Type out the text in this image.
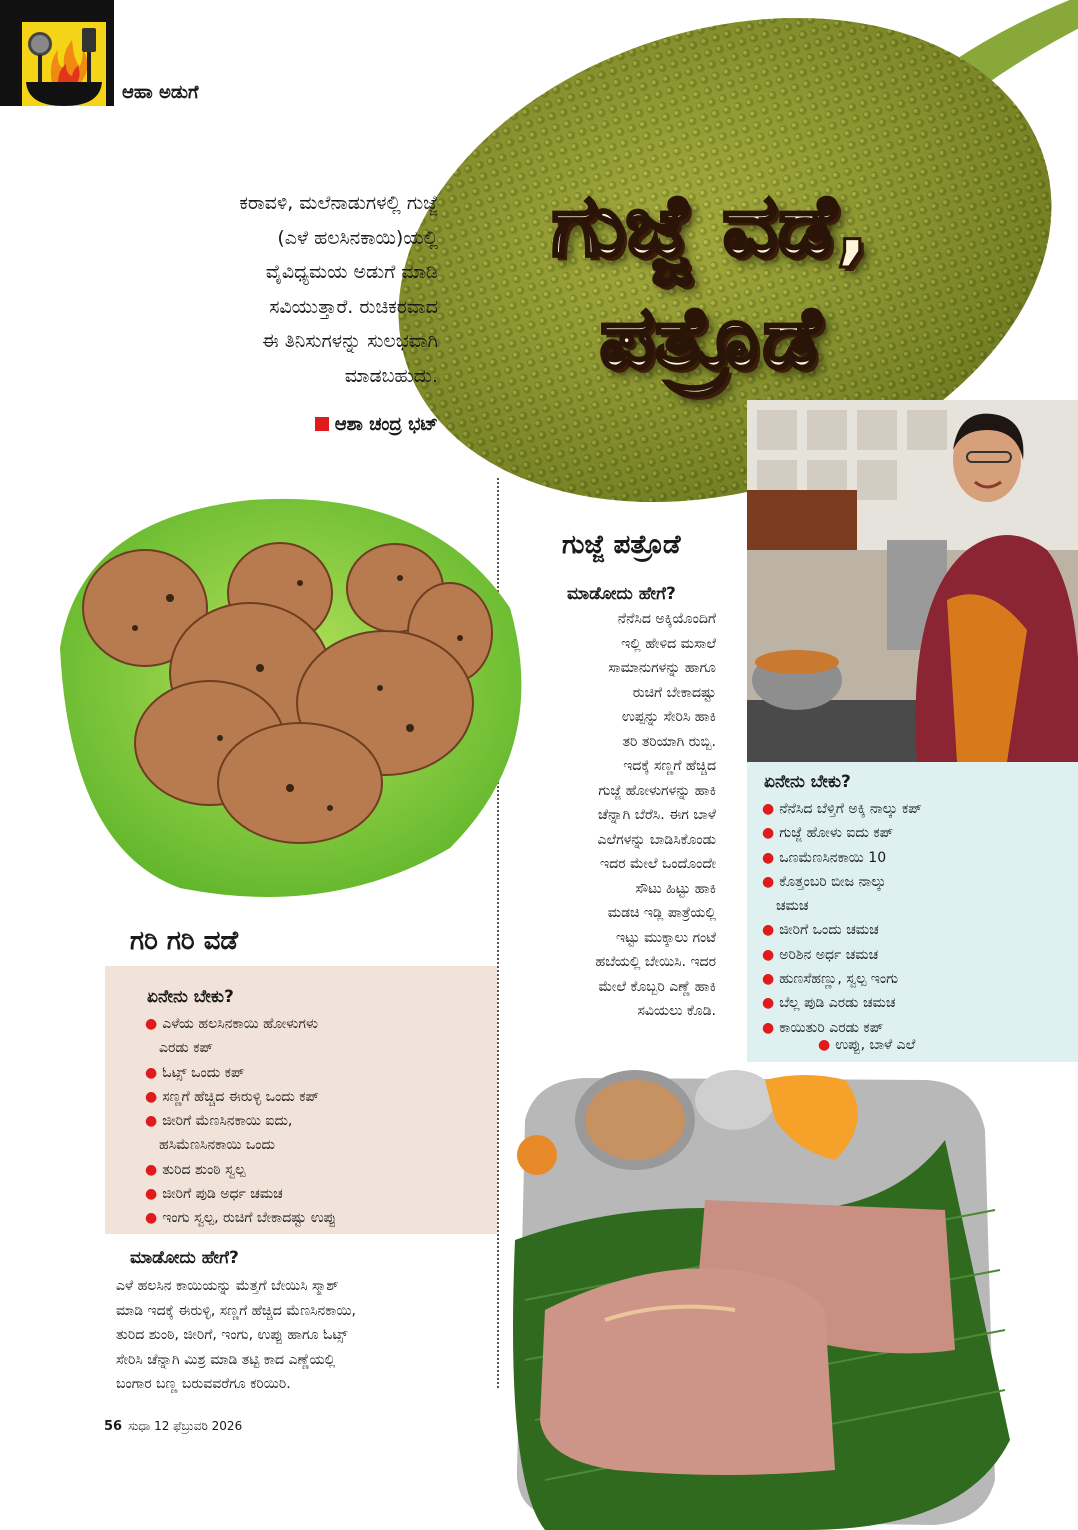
ಆಹಾ ಅಡುಗೆ
ಕರಾವಳಿ, ಮಲೆನಾಡುಗಳಲ್ಲಿ ಗುಜ್ಜೆ
(ಎಳೆ ಹಲಸಿನಕಾಯಿ)ಯಲ್ಲಿ
ವೈವಿಧ್ಯಮಯ ಅಡುಗೆ ಮಾಡಿ
ಸವಿಯುತ್ತಾರೆ. ರುಚಿಕರವಾದ
ಈ ತಿನಿಸುಗಳನ್ನು ಸುಲಭವಾಗಿ
ಮಾಡಬಹುದು.
ಆಶಾ ಚಂದ್ರ ಭಟ್
ಗುಜ್ಜೆ ವಡೆ,
ಪತ್ರೊಡೆ
ಗುಜ್ಜೆ ಪತ್ರೊಡೆ
ಮಾಡೋದು ಹೇಗೆ?
ನೆನೆಸಿದ ಅಕ್ಕಿಯೊಂದಿಗೆ
ಇಲ್ಲಿ ಹೇಳಿದ ಮಸಾಲೆ
ಸಾಮಾನುಗಳನ್ನು ಹಾಗೂ
ರುಚಿಗೆ ಬೇಕಾದಷ್ಟು
ಉಪ್ಪನ್ನು ಸೇರಿಸಿ ಹಾಕಿ
ತರಿ ತರಿಯಾಗಿ ರುಬ್ಬಿ.
ಇದಕ್ಕೆ ಸಣ್ಣಗೆ ಹೆಚ್ಚಿದ
ಗುಜ್ಜೆ ಹೋಳುಗಳನ್ನು ಹಾಕಿ
ಚೆನ್ನಾಗಿ ಬೆರೆಸಿ. ಈಗ ಬಾಳೆ
ಎಲೆಗಳನ್ನು ಬಾಡಿಸಿಕೊಂಡು
ಇದರ ಮೇಲೆ ಒಂದೊಂದೇ
ಸೌಟು ಹಿಟ್ಟು ಹಾಕಿ
ಮಡಚಿ ಇಡ್ಲಿ ಪಾತ್ರೆಯಲ್ಲಿ
ಇಟ್ಟು ಮುಕ್ಕಾಲು ಗಂಟೆ
ಹಬೆಯಲ್ಲಿ ಬೇಯಿಸಿ. ಇದರ
ಮೇಲೆ ಕೊಬ್ಬರಿ ಎಣ್ಣೆ ಹಾಕಿ
ಸವಿಯಲು ಕೊಡಿ.
ಏನೇನು ಬೇಕು?
● ನೆನೆಸಿದ ಬೆಳ್ತಿಗೆ ಅಕ್ಕಿ ನಾಲ್ಕು ಕಪ್
● ಗುಜ್ಜೆ ಹೋಳು ಐದು ಕಪ್
● ಒಣಮೆಣಸಿನಕಾಯಿ 10
● ಕೊತ್ತಂಬರಿ ಬೀಜ ನಾಲ್ಕು
ಚಮಚ
● ಜೀರಿಗೆ ಒಂದು ಚಮಚ
● ಅರಿಶಿನ ಅರ್ಧ ಚಮಚ
● ಹುಣಸೆಹಣ್ಣು, ಸ್ವಲ್ಪ ಇಂಗು
● ಬೆಲ್ಲ ಪುಡಿ ಎರಡು ಚಮಚ
● ಕಾಯಿತುರಿ ಎರಡು ಕಪ್
● ಉಪ್ಪು, ಬಾಳೆ ಎಲೆ
ಗರಿ ಗರಿ ವಡೆ
ಏನೇನು ಬೇಕು?
● ಎಳೆಯ ಹಲಸಿನಕಾಯಿ ಹೋಳುಗಳು
ಎರಡು ಕಪ್
● ಓಟ್ಸ್ ಒಂದು ಕಪ್
● ಸಣ್ಣಗೆ ಹೆಚ್ಚಿದ ಈರುಳ್ಳಿ ಒಂದು ಕಪ್
● ಜೀರಿಗೆ ಮೆಣಸಿನಕಾಯಿ ಐದು,
ಹಸಿಮೆಣಸಿನಕಾಯಿ ಒಂದು
● ತುರಿದ ಶುಂಠಿ ಸ್ವಲ್ಪ
● ಜೀರಿಗೆ ಪುಡಿ ಅರ್ಧ ಚಮಚ
● ಇಂಗು ಸ್ವಲ್ಪ, ರುಚಿಗೆ ಬೇಕಾದಷ್ಟು ಉಪ್ಪು
ಮಾಡೋದು ಹೇಗೆ?
ಎಳೆ ಹಲಸಿನ ಕಾಯಿಯನ್ನು ಮೆತ್ತಗೆ ಬೇಯಿಸಿ ಸ್ಮಾಶ್
ಮಾಡಿ ಇದಕ್ಕೆ ಈರುಳ್ಳಿ, ಸಣ್ಣಗೆ ಹೆಚ್ಚಿದ ಮೆಣಸಿನಕಾಯಿ,
ತುರಿದ ಶುಂಠಿ, ಜೀರಿಗೆ, ಇಂಗು, ಉಪ್ಪು ಹಾಗೂ ಓಟ್ಸ್
ಸೇರಿಸಿ ಚೆನ್ನಾಗಿ ಮಿಶ್ರ ಮಾಡಿ ತಟ್ಟಿ ಕಾದ ಎಣ್ಣೆಯಲ್ಲಿ
ಬಂಗಾರ ಬಣ್ಣ ಬರುವವರೆಗೂ ಕರಿಯಿರಿ.
56 ಸುಧಾ 12 ಫೆಬ್ರುವರಿ 2026
